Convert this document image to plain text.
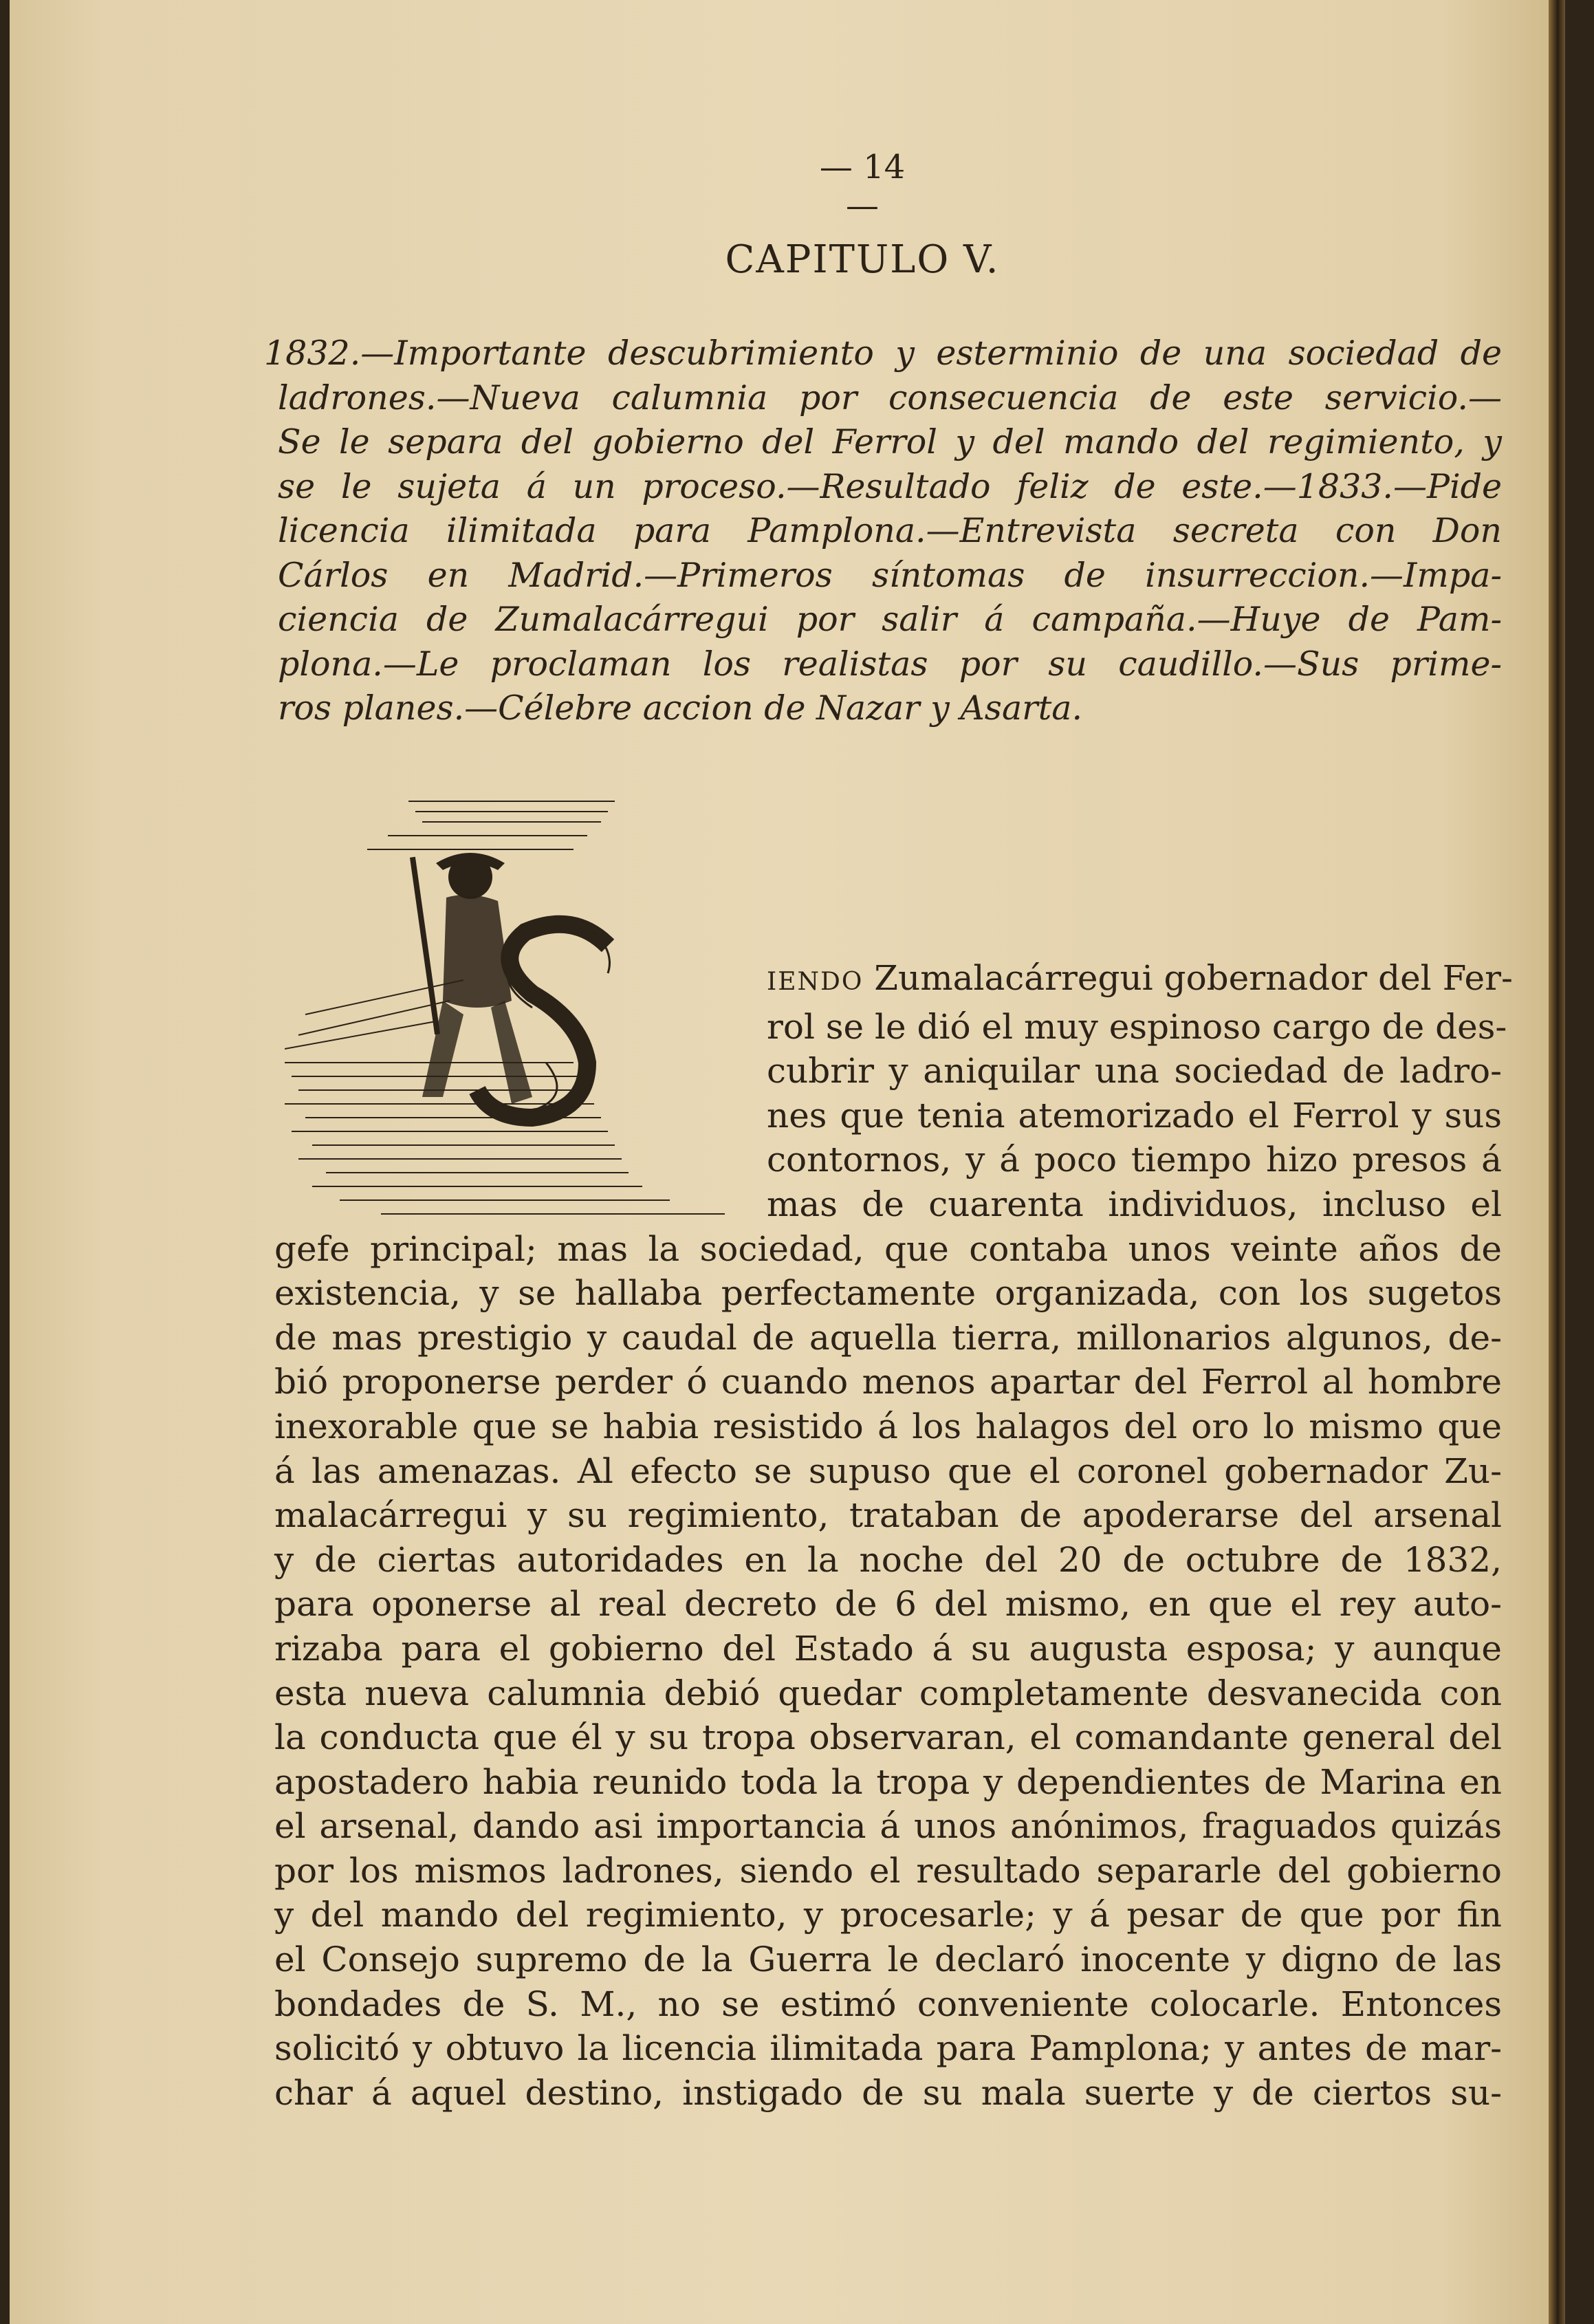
— 14 —
CAPITULO V.
1832.—Importante descubrimiento y esterminio de una sociedad de
ladrones.—Nueva calumnia por consecuencia de este servicio.—
Se le separa del gobierno del Ferrol y del mando del regimiento, y
se le sujeta á un proceso.—Resultado feliz de este.—1833.—Pide
licencia ilimitada para Pamplona.—Entrevista secreta con Don
Cárlos en Madrid.—Primeros síntomas de insurreccion.—Impa-
ciencia de Zumalacárregui por salir á campaña.—Huye de Pam-
plona.—Le proclaman los realistas por su caudillo.—Sus prime-
ros planes.—Célebre accion de Nazar y Asarta.
IENDO Zumalacárregui gobernador del Fer-
rol se le dió el muy espinoso cargo de des-
cubrir y aniquilar una sociedad de ladro-
nes que tenia atemorizado el Ferrol y sus
contornos, y á poco tiempo hizo presos á
mas de cuarenta individuos, incluso el
gefe principal; mas la sociedad, que contaba unos veinte años de
existencia, y se hallaba perfectamente organizada, con los sugetos
de mas prestigio y caudal de aquella tierra, millonarios algunos, de-
bió proponerse perder ó cuando menos apartar del Ferrol al hombre
inexorable que se habia resistido á los halagos del oro lo mismo que
á las amenazas. Al efecto se supuso que el coronel gobernador Zu-
malacárregui y su regimiento, trataban de apoderarse del arsenal
y de ciertas autoridades en la noche del 20 de octubre de 1832,
para oponerse al real decreto de 6 del mismo, en que el rey auto-
rizaba para el gobierno del Estado á su augusta esposa; y aunque
esta nueva calumnia debió quedar completamente desvanecida con
la conducta que él y su tropa observaran, el comandante general del
apostadero habia reunido toda la tropa y dependientes de Marina en
el arsenal, dando asi importancia á unos anónimos, fraguados quizás
por los mismos ladrones, siendo el resultado separarle del gobierno
y del mando del regimiento, y procesarle; y á pesar de que por fin
el Consejo supremo de la Guerra le declaró inocente y digno de las
bondades de S. M., no se estimó conveniente colocarle. Entonces
solicitó y obtuvo la licencia ilimitada para Pamplona; y antes de mar-
char á aquel destino, instigado de su mala suerte y de ciertos su-
